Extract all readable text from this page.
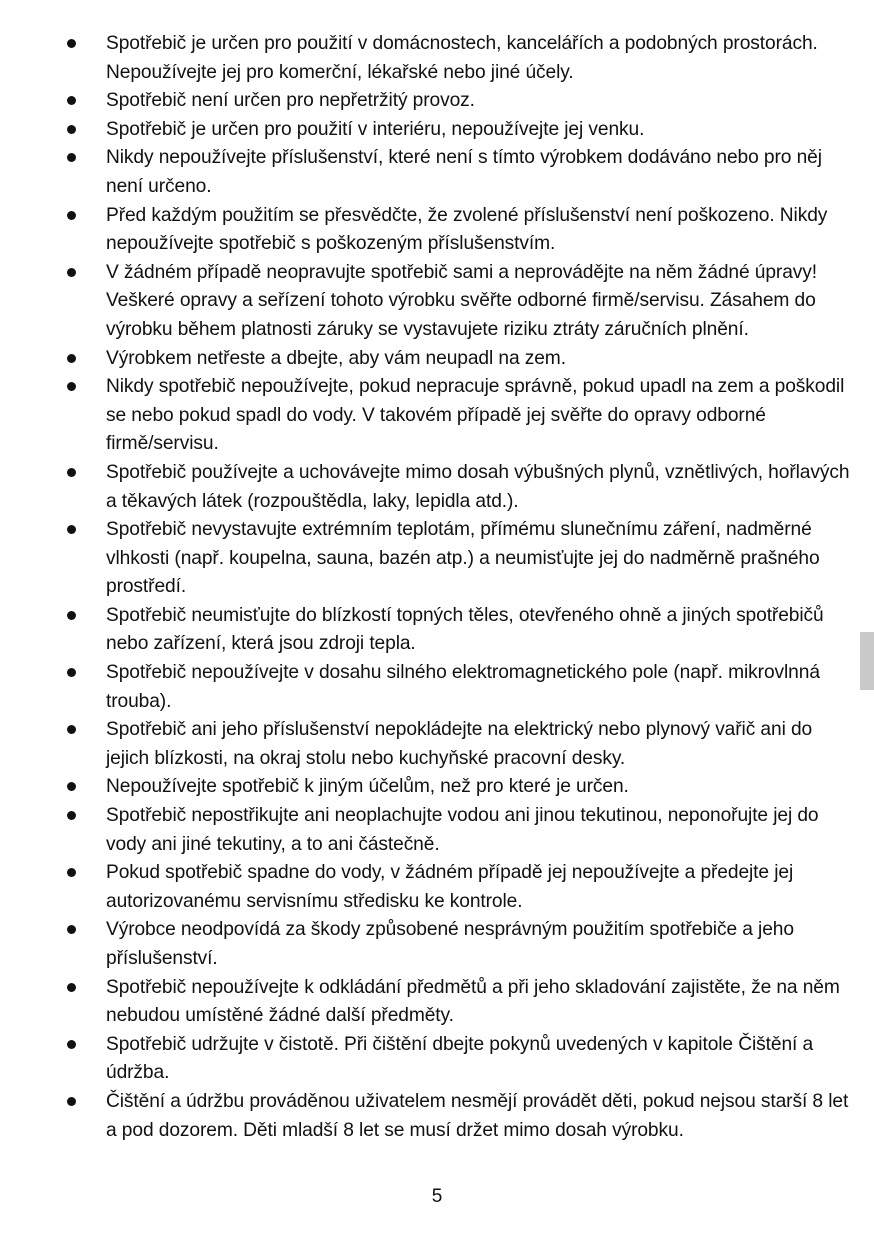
Spotřebič je určen pro použití v domácnostech, kancelářích a podobných prostorách. Nepoužívejte jej pro komerční, lékařské nebo jiné účely.
Spotřebič není určen pro nepřetržitý provoz.
Spotřebič je určen pro použití v interiéru, nepoužívejte jej venku.
Nikdy nepoužívejte příslušenství, které není s tímto výrobkem dodáváno nebo pro něj není určeno.
Před každým použitím se přesvědčte, že zvolené příslušenství není poškozeno. Nikdy nepoužívejte spotřebič s poškozeným příslušenstvím.
V žádném případě neopravujte spotřebič sami a neprovádějte na něm žádné úpravy! Veškeré opravy a seřízení tohoto výrobku svěřte odborné firmě/servisu. Zásahem do výrobku během platnosti záruky se vystavujete riziku ztráty záručních plnění.
Výrobkem netřeste a dbejte, aby vám neupadl na zem.
Nikdy spotřebič nepoužívejte, pokud nepracuje správně, pokud upadl na zem a poškodil se nebo pokud spadl do vody. V takovém případě jej svěřte do opravy odborné firmě/servisu.
Spotřebič používejte a uchovávejte mimo dosah výbušných plynů, vznětlivých, hořlavých a těkavých látek (rozpouštědla, laky, lepidla atd.).
Spotřebič nevystavujte extrémním teplotám, přímému slunečnímu záření, nadměrné vlhkosti (např. koupelna, sauna, bazén atp.) a neumisťujte jej do nadměrně prašného prostředí.
Spotřebič neumisťujte do blízkostí topných těles, otevřeného ohně a jiných spotřebičů nebo zařízení, která jsou zdroji tepla.
Spotřebič nepoužívejte v dosahu silného elektromagnetického pole (např. mikrovlnná trouba).
Spotřebič ani jeho příslušenství nepokládejte na elektrický nebo plynový vařič ani do jejich blízkosti, na okraj stolu nebo kuchyňské pracovní desky.
Nepoužívejte spotřebič k jiným účelům, než pro které je určen.
Spotřebič nepostřikujte ani neoplachujte vodou ani jinou tekutinou, neponořujte jej do vody ani jiné tekutiny, a to ani částečně.
Pokud spotřebič spadne do vody, v žádném případě jej nepoužívejte a předejte jej autorizovanému servisnímu středisku ke kontrole.
Výrobce neodpovídá za škody způsobené nesprávným použitím spotřebiče a jeho příslušenství.
Spotřebič nepoužívejte k odkládání předmětů a při jeho skladování zajistěte, že na něm nebudou umístěné žádné další předměty.
Spotřebič udržujte v čistotě. Při čištění dbejte pokynů uvedených v kapitole Čištění a údržba.
Čištění a údržbu prováděnou uživatelem nesmějí provádět děti, pokud nejsou starší 8 let a pod dozorem. Děti mladší 8 let se musí držet mimo dosah výrobku.
5
